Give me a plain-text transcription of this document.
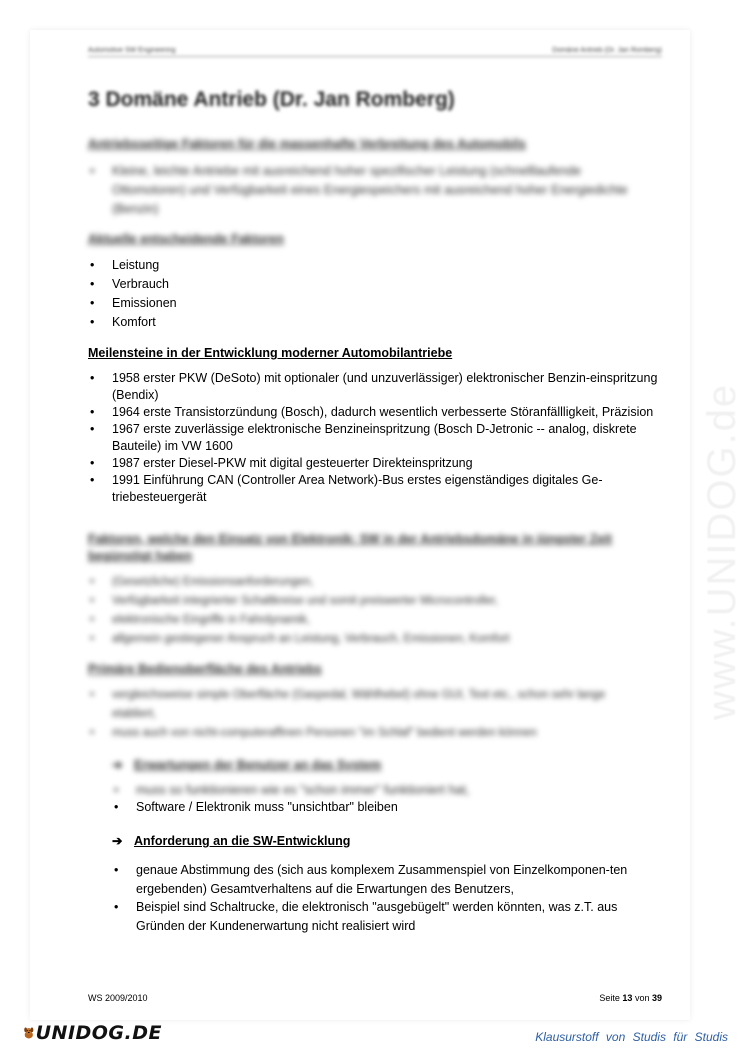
www.UNIDOG.de
Automotive SW Engineering	Domäne Antrieb (Dr. Jan Romberg)
3 Domäne Antrieb (Dr. Jan Romberg)

Antriebsseitige Faktoren für die massenhafte Verbreitung des Automobils

• Kleine, leichte Antriebe mit ausreichend hoher spezifischer Leistung (schnelllaufende Ottomotoren) und Verfügbarkeit eines Energiespeichers mit ausreichend hoher Energiedichte (Benzin)

Aktuelle entscheidende Faktoren

• Leistung
• Verbrauch
• Emissionen
• Komfort

Meilensteine in der Entwicklung moderner Automobilantriebe

• 1958 erster PKW (DeSoto) mit optionaler (und unzuverlässiger) elektronischer Benzin-einspritzung (Bendix)
• 1964 erste Transistorzündung (Bosch), dadurch wesentlich verbesserte Störanfällligkeit, Präzision
• 1967 erste zuverlässige elektronische Benzineinspritzung (Bosch D-Jetronic -- analog, diskrete Bauteile) im VW 1600
• 1987 erster Diesel-PKW mit digital gesteuerter Direkteinspritzung
• 1991 Einführung CAN (Controller Area Network)-Bus erstes eigenständiges digitales Ge-triebesteuergerät

Faktoren, welche den Einsatz von Elektronik: SW in der Antriebsdomäne in jüngster Zeit begünstigt haben

• (Gesetzliche) Emissionsanforderungen,
• Verfügbarkeit integrierter Schaltkreise und somit preiswerter Microcontroller,
• elektronische Eingriffe in Fahrdynamik,
• allgemein gestiegener Anspruch an Leistung, Verbrauch, Emissionen, Komfort

Primäre Bedienoberfläche des Antriebs

• vergleichsweise simple Oberfläche (Gaspedal, Wählhebel) ohne GUI, Text etc., schon sehr lange etabliert,
• muss auch von nicht-computeraffinen Personen "im Schlaf" bedient werden können

➔ Erwartungen der Benutzer an das System

• muss so funktionieren wie es "schon immer" funktioniert hat,
• Software / Elektronik muss "unsichtbar" bleiben

➔ Anforderung an die SW-Entwicklung

• genaue Abstimmung des (sich aus komplexem Zusammenspiel von Einzelkomponen-ten ergebenden) Gesamtverhaltens auf die Erwartungen des Benutzers,
• Beispiel sind Schaltrucke, die elektronisch "ausgebügelt" werden könnten, was z.T. aus Gründen der Kundenerwartung nicht realisiert wird
WS 2009/2010	Seite 13 von 39
UNIDOG.DE	Klausurstoff von Studis für Studis
